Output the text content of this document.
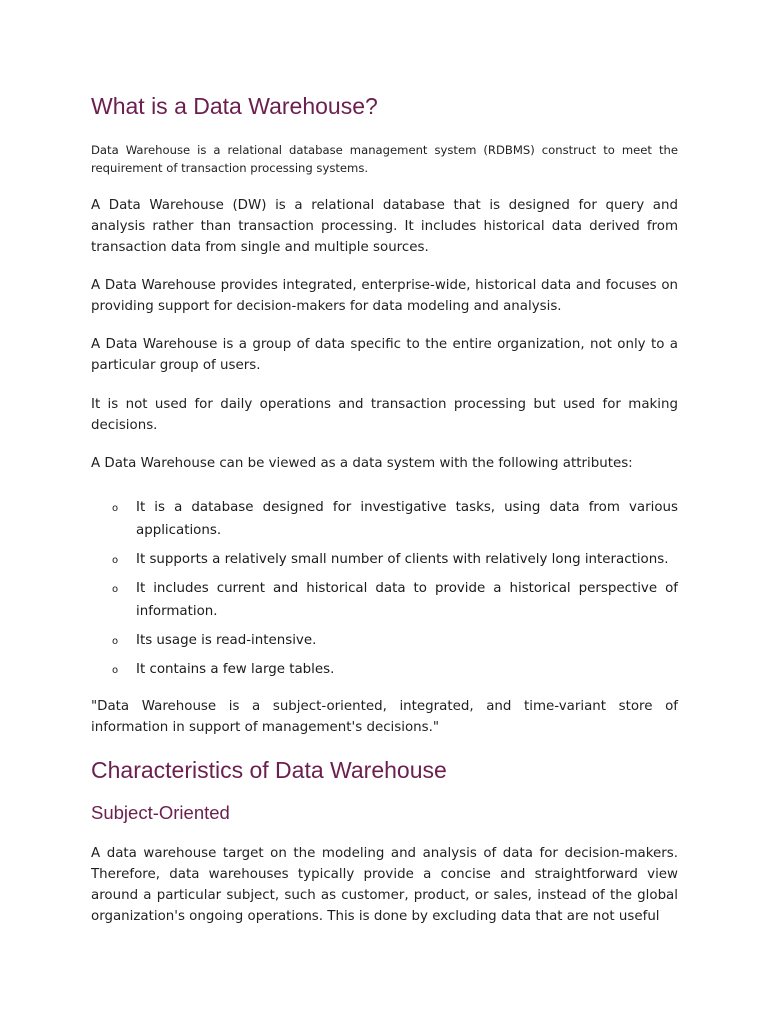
What is a Data Warehouse?

Data Warehouse is a relational database management system (RDBMS) construct to meet the requirement of transaction processing systems.

A Data Warehouse (DW) is a relational database that is designed for query and analysis rather than transaction processing. It includes historical data derived from transaction data from single and multiple sources.

A Data Warehouse provides integrated, enterprise-wide, historical data and focuses on providing support for decision-makers for data modeling and analysis.

A Data Warehouse is a group of data specific to the entire organization, not only to a particular group of users.

It is not used for daily operations and transaction processing but used for making decisions.

A Data Warehouse can be viewed as a data system with the following attributes:

o It is a database designed for investigative tasks, using data from various applications.
o It supports a relatively small number of clients with relatively long interactions.
o It includes current and historical data to provide a historical perspective of information.
o Its usage is read-intensive.
o It contains a few large tables.

"Data Warehouse is a subject-oriented, integrated, and time-variant store of information in support of management's decisions."

Characteristics of Data Warehouse
Subject-Oriented

A data warehouse target on the modeling and analysis of data for decision-makers. Therefore, data warehouses typically provide a concise and straightforward view around a particular subject, such as customer, product, or sales, instead of the global organization's ongoing operations. This is done by excluding data that are not useful
